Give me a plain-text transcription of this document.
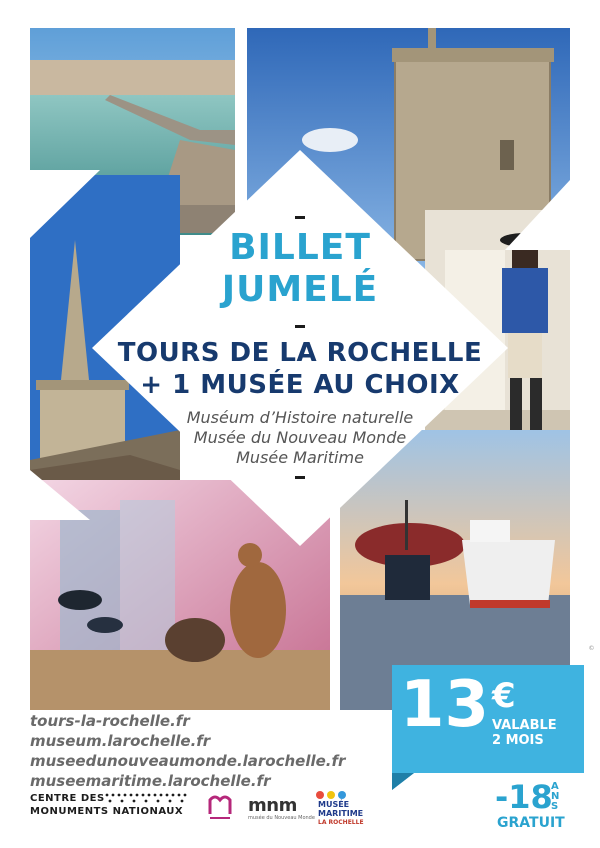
BILLET
JUMELÉ
TOURS DE LA ROCHELLE
+ 1 MUSÉE AU CHOIX
Muséum d’Histoire naturelle
Musée du Nouveau Monde
Musée Maritime
tours-la-rochelle.fr
museum.larochelle.fr
museedunouveaumonde.larochelle.fr
museemaritime.larochelle.fr
13 €
VALABLE
2 MOIS
-18
ANS
GRATUIT
CENTRE DES
MONUMENTS NATIONAUX	mnm
musée du Nouveau Monde
MUSÉE
MARITIME
LA ROCHELLE
©
